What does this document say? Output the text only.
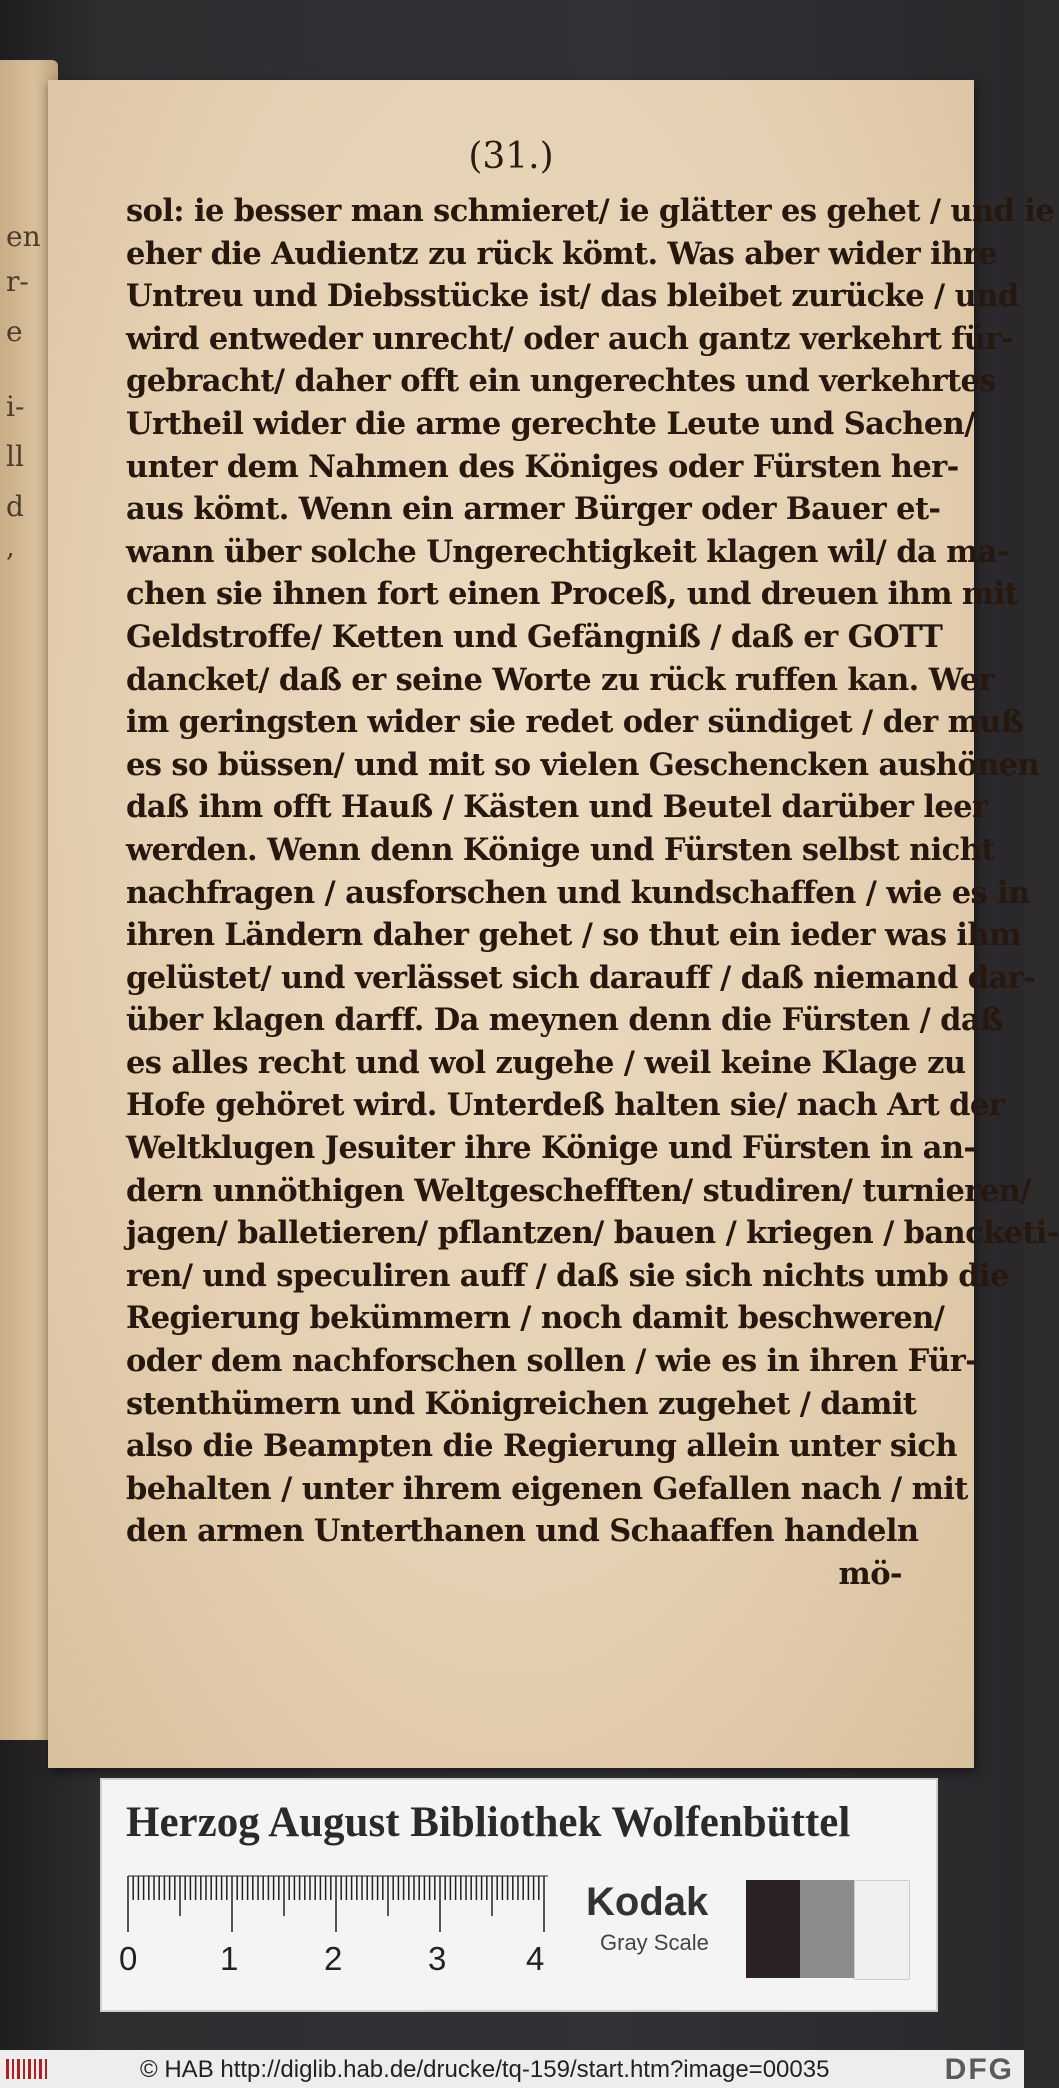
en
r-
e
i-
ll
d
,
(31.)
sol: ie besser man schmieret/ ie glätter es gehet / und ie
eher die Audientz zu rück kömt. Was aber wider ihre
Untreu und Diebsstücke ist/ das bleibet zurücke / und
wird entweder unrecht/ oder auch gantz verkehrt für-
gebracht/ daher offt ein ungerechtes und verkehrtes
Urtheil wider die arme gerechte Leute und Sachen/
unter dem Nahmen des Königes oder Fürsten her-
aus kömt. Wenn ein armer Bürger oder Bauer et-
wann über solche Ungerechtigkeit klagen wil/ da ma-
chen sie ihnen fort einen Proceß, und dreuen ihm mit
Geldstroffe/ Ketten und Gefängniß / daß er GOTT
dancket/ daß er seine Worte zu rück ruffen kan. Wer
im geringsten wider sie redet oder sündiget / der muß
es so büssen/ und mit so vielen Geschencken aushönen
daß ihm offt Hauß / Kästen und Beutel darüber leer
werden. Wenn denn Könige und Fürsten selbst nicht
nachfragen / ausforschen und kundschaffen / wie es in
ihren Ländern daher gehet / so thut ein ieder was ihm
gelüstet/ und verlässet sich darauff / daß niemand dar-
über klagen darff. Da meynen denn die Fürsten / daß
es alles recht und wol zugehe / weil keine Klage zu
Hofe gehöret wird. Unterdeß halten sie/ nach Art der
Weltklugen Jesuiter ihre Könige und Fürsten in an-
dern unnöthigen Weltgeschefften/ studiren/ turnieren/
jagen/ balletieren/ pflantzen/ bauen / kriegen / bancketi-
ren/ und speculiren auff / daß sie sich nichts umb die
Regierung bekümmern / noch damit beschweren/
oder dem nachforschen sollen / wie es in ihren Für-
stenthümern und Königreichen zugehet / damit
also die Beampten die Regierung allein unter sich
behalten / unter ihrem eigenen Gefallen nach / mit
den armen Unterthanen und Schaaffen handeln
mö-
Herzog August Bibliothek Wolfenbüttel
0	1	2	3 4
Kodak
Gray Scale
© HAB http://diglib.hab.de/drucke/tq-159/start.htm?image=00035	DFG
